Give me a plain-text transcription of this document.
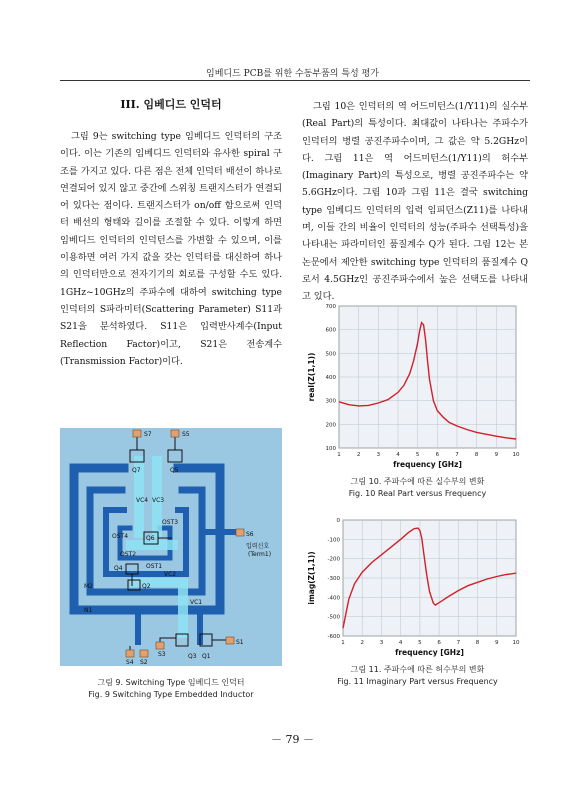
임베디드 PCB를 위한 수동부품의 특성 평가
III. 임베디드 인덕터

그림 9는 switching type 임베디드 인덕터의 구조이다. 이는 기존의 임베디드 인덕터와 유사한 spiral 구조를 가지고 있다. 다른 점은 전체 인덕터 배선이 하나로 연결되어 있지 않고 중간에 스위칭 트랜지스터가 연결되어 있다는 점이다. 트랜지스터가 on/off 함으로써 인덕터 배선의 형태와 길이를 조절할 수 있다. 이렇게 하면 임베디드 인덕터의 인덕턴스를 가변할 수 있으며, 이를 이용하면 여러 가지 값을 갖는 인덕터를 대신하여 하나의 인덕터만으로 전자기기의 회로를 구성할 수도 있다. 1GHz~10GHz의 주파수에 대하여 switching type 인덕터의 S파라미터(Scattering Parameter) S11과 S21을 분석하였다. S11은 입력반사계수(Input Reflection Factor)이고, S21은 전송계수(Transmission Factor)이다.

그림 10은 인덕터의 역 어드미턴스(1/Y11)의 실수부(Real Part)의 특성이다. 최대값이 나타나는 주파수가 인덕터의 병렬 공진주파수이며, 그 값은 약 5.2GHz이다. 그림 11은 역 어드미턴스(1/Y11)의 허수부(Imaginary Part)의 특성으로, 병렬 공진주파수는 약 5.6GHz이다. 그림 10과 그림 11은 결국 switching type 임베디드 인덕터의 입력 임피던스(Z11)를 나타내며, 이들 간의 비율이 인덕터의 성능(주파수 선택특성)을 나타내는 파라미터인 품질계수 Q가 된다. 그림 12는 본 논문에서 제안한 switching type 인덕터의 품질계수 Q로서 4.5GHz인 공진주파수에서 높은 선택도를 나타내고 있다.

S7	S5
Q7	Q5
VC4 VC3
OST3
OST4	Q6
S6
OST2
Q4	OST1
VC2
Q2
M2
VC1
N1
S4 S2
S3	Q3 Q1
S1
입력신호
(Term1)
그림 9. Switching Type 임베디드 인덕터
Fig. 9 Switching Type Embedded Inductor
1	2	3	4	5	6	7	8	9	10
100
200
300
400
500
600
700
frequency [GHz]
real(Z(1,1))
그림 10. 주파수에 따른 실수부의 변화
Fig. 10 Real Part versus Frequency
1	2	3	4	5	6	7	8	9	10
0
-100
-200
-300
-400
-500
-600
frequency [GHz]
imag(Z(1,1))
그림 11. 주파수에 따른 허수부의 변화
Fig. 11 Imaginary Part versus Frequency
－ 79 －
